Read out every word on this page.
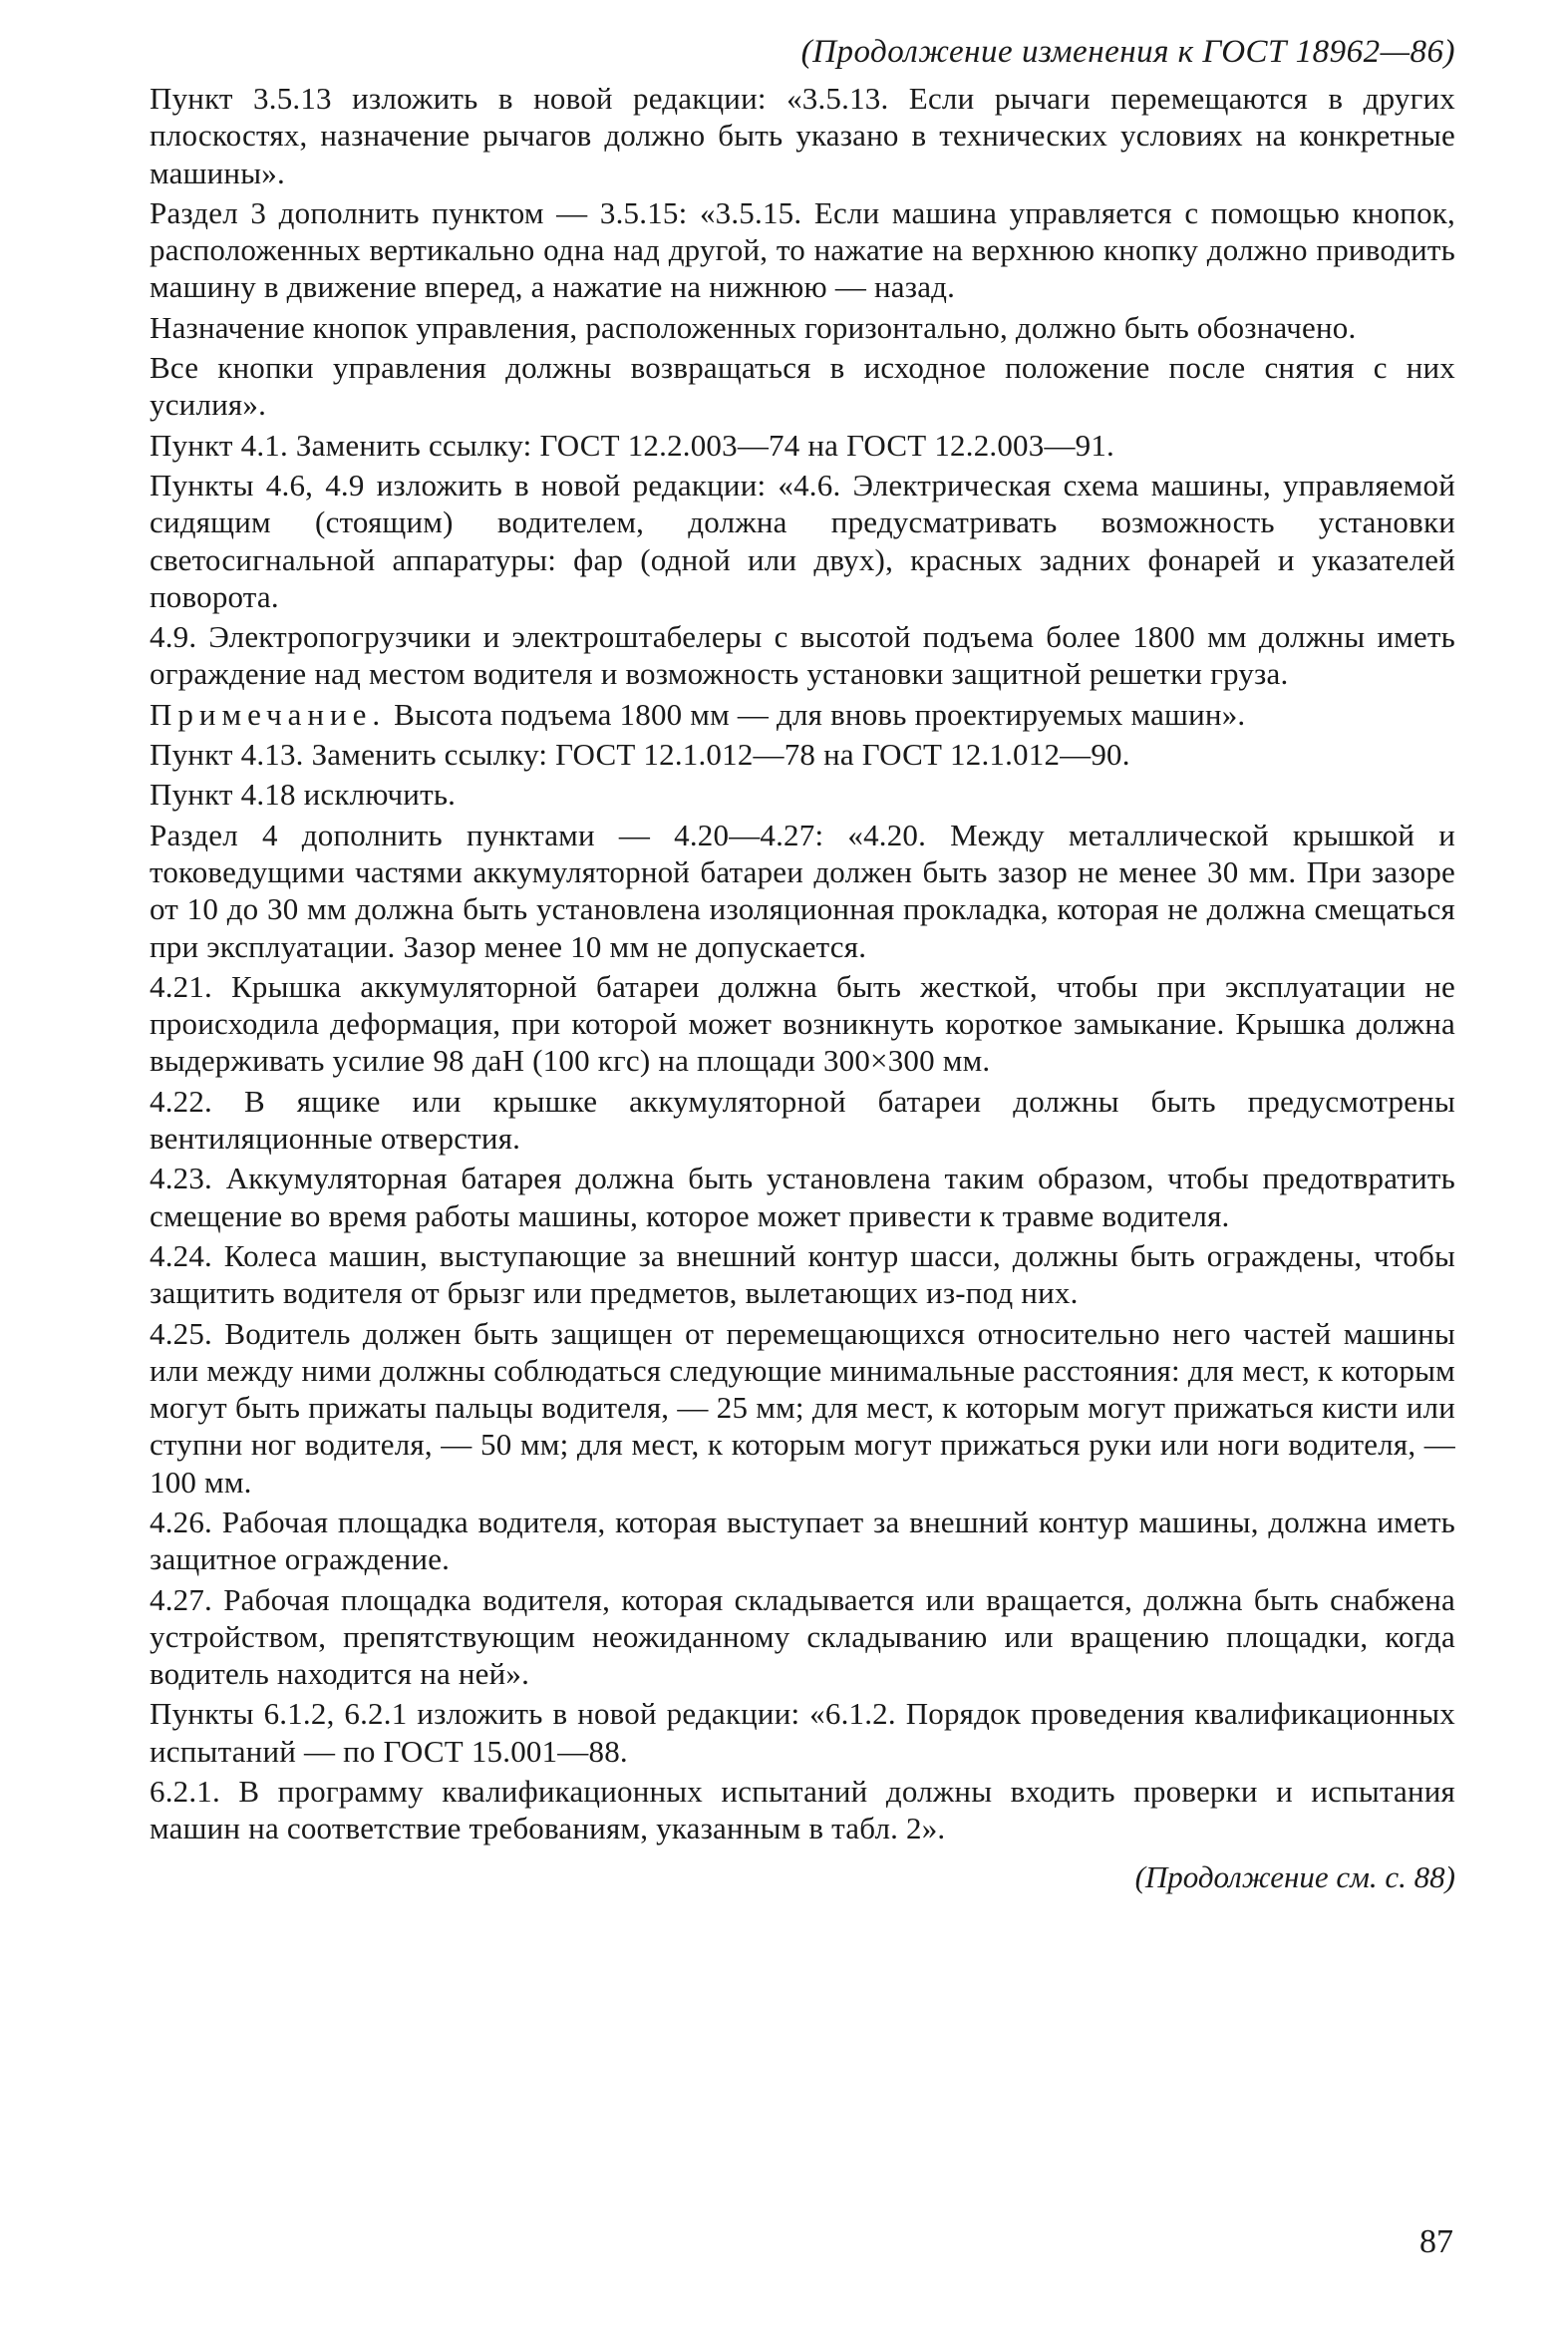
(Продолжение изменения к ГОСТ 18962—86)

Пункт 3.5.13 изложить в новой редакции: «3.5.13. Если рычаги перемещаются в других плоскостях, назначение рычагов должно быть указано в технических условиях на конкретные машины».

Раздел 3 дополнить пунктом — 3.5.15: «3.5.15. Если машина управляется с помощью кнопок, расположенных вертикально одна над другой, то нажатие на верхнюю кнопку должно приводить машину в движение вперед, а нажатие на нижнюю — назад.

Назначение кнопок управления, расположенных горизонтально, должно быть обозначено.

Все кнопки управления должны возвращаться в исходное положение после снятия с них усилия».

Пункт 4.1. Заменить ссылку: ГОСТ 12.2.003—74 на ГОСТ 12.2.003—91.

Пункты 4.6, 4.9 изложить в новой редакции: «4.6. Электрическая схема машины, управляемой сидящим (стоящим) водителем, должна предусматривать возможность установки светосигнальной аппаратуры: фар (одной или двух), красных задних фонарей и указателей поворота.

4.9. Электропогрузчики и электроштабелеры с высотой подъема более 1800 мм должны иметь ограждение над местом водителя и возможность установки защитной решетки груза.

Примечание. Высота подъема 1800 мм — для вновь проектируемых машин».

Пункт 4.13. Заменить ссылку: ГОСТ 12.1.012—78 на ГОСТ 12.1.012—90.

Пункт 4.18 исключить.

Раздел 4 дополнить пунктами — 4.20—4.27: «4.20. Между металлической крышкой и токоведущими частями аккумуляторной батареи должен быть зазор не менее 30 мм. При зазоре от 10 до 30 мм должна быть установлена изоляционная прокладка, которая не должна смещаться при эксплуатации. Зазор менее 10 мм не допускается.

4.21. Крышка аккумуляторной батареи должна быть жесткой, чтобы при эксплуатации не происходила деформация, при которой может возникнуть короткое замыкание. Крышка должна выдерживать усилие 98 даН (100 кгс) на площади 300×300 мм.

4.22. В ящике или крышке аккумуляторной батареи должны быть предусмотрены вентиляционные отверстия.

4.23. Аккумуляторная батарея должна быть установлена таким образом, чтобы предотвратить смещение во время работы машины, которое может привести к травме водителя.

4.24. Колеса машин, выступающие за внешний контур шасси, должны быть ограждены, чтобы защитить водителя от брызг или предметов, вылетающих из-под них.

4.25. Водитель должен быть защищен от перемещающихся относительно него частей машины или между ними должны соблюдаться следующие минимальные расстояния: для мест, к которым могут быть прижаты пальцы водителя, — 25 мм; для мест, к которым могут прижаться кисти или ступни ног водителя, — 50 мм; для мест, к которым могут прижаться руки или ноги водителя, — 100 мм.

4.26. Рабочая площадка водителя, которая выступает за внешний контур машины, должна иметь защитное ограждение.

4.27. Рабочая площадка водителя, которая складывается или вращается, должна быть снабжена устройством, препятствующим неожиданному складыванию или вращению площадки, когда водитель находится на ней».

Пункты 6.1.2, 6.2.1 изложить в новой редакции: «6.1.2. Порядок проведения квалификационных испытаний — по ГОСТ 15.001—88.

6.2.1. В программу квалификационных испытаний должны входить проверки и испытания машин на соответствие требованиям, указанным в табл. 2».

(Продолжение см. с. 88)
87
